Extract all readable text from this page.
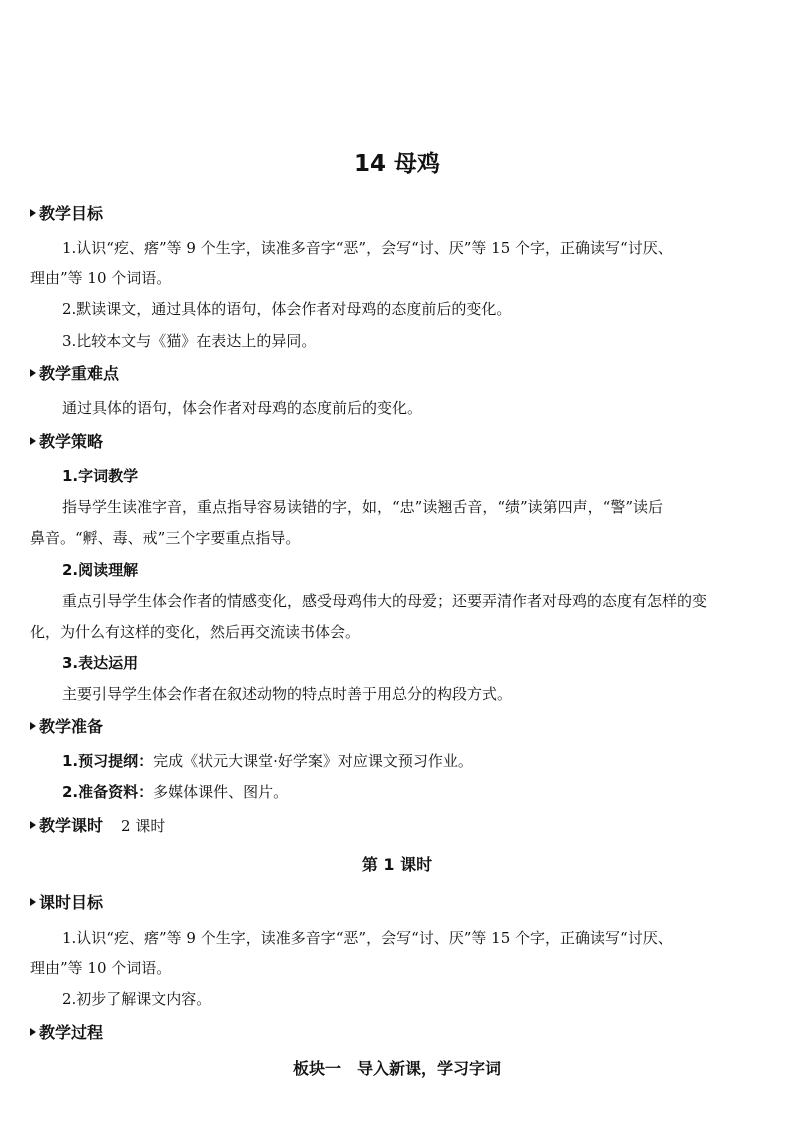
14 母鸡
教学目标
1.认识“疙、瘩”等 9 个生字，读准多音字“恶”，会写“讨、厌”等 15 个字，正确读写“讨厌、
理由”等 10 个词语。
2.默读课文，通过具体的语句，体会作者对母鸡的态度前后的变化。
3.比较本文与《猫》在表达上的异同。
教学重难点
通过具体的语句，体会作者对母鸡的态度前后的变化。
教学策略
1.字词教学
指导学生读准字音，重点指导容易读错的字，如，“忠”读翘舌音，“绩”读第四声，“警”读后
鼻音。“孵、毒、戒”三个字要重点指导。
2.阅读理解
重点引导学生体会作者的情感变化，感受母鸡伟大的母爱；还要弄清作者对母鸡的态度有怎样的变
化，为什么有这样的变化，然后再交流读书体会。
3.表达运用
主要引导学生体会作者在叙述动物的特点时善于用总分的构段方式。
教学准备
1.预习提纲：完成《状元大课堂·好学案》对应课文预习作业。
2.准备资料：多媒体课件、图片。
教学课时 2 课时
第 1 课时
课时目标
1.认识“疙、瘩”等 9 个生字，读准多音字“恶”，会写“讨、厌”等 15 个字，正确读写“讨厌、
理由”等 10 个词语。
2.初步了解课文内容。
教学过程
板块一　导入新课，学习字词
